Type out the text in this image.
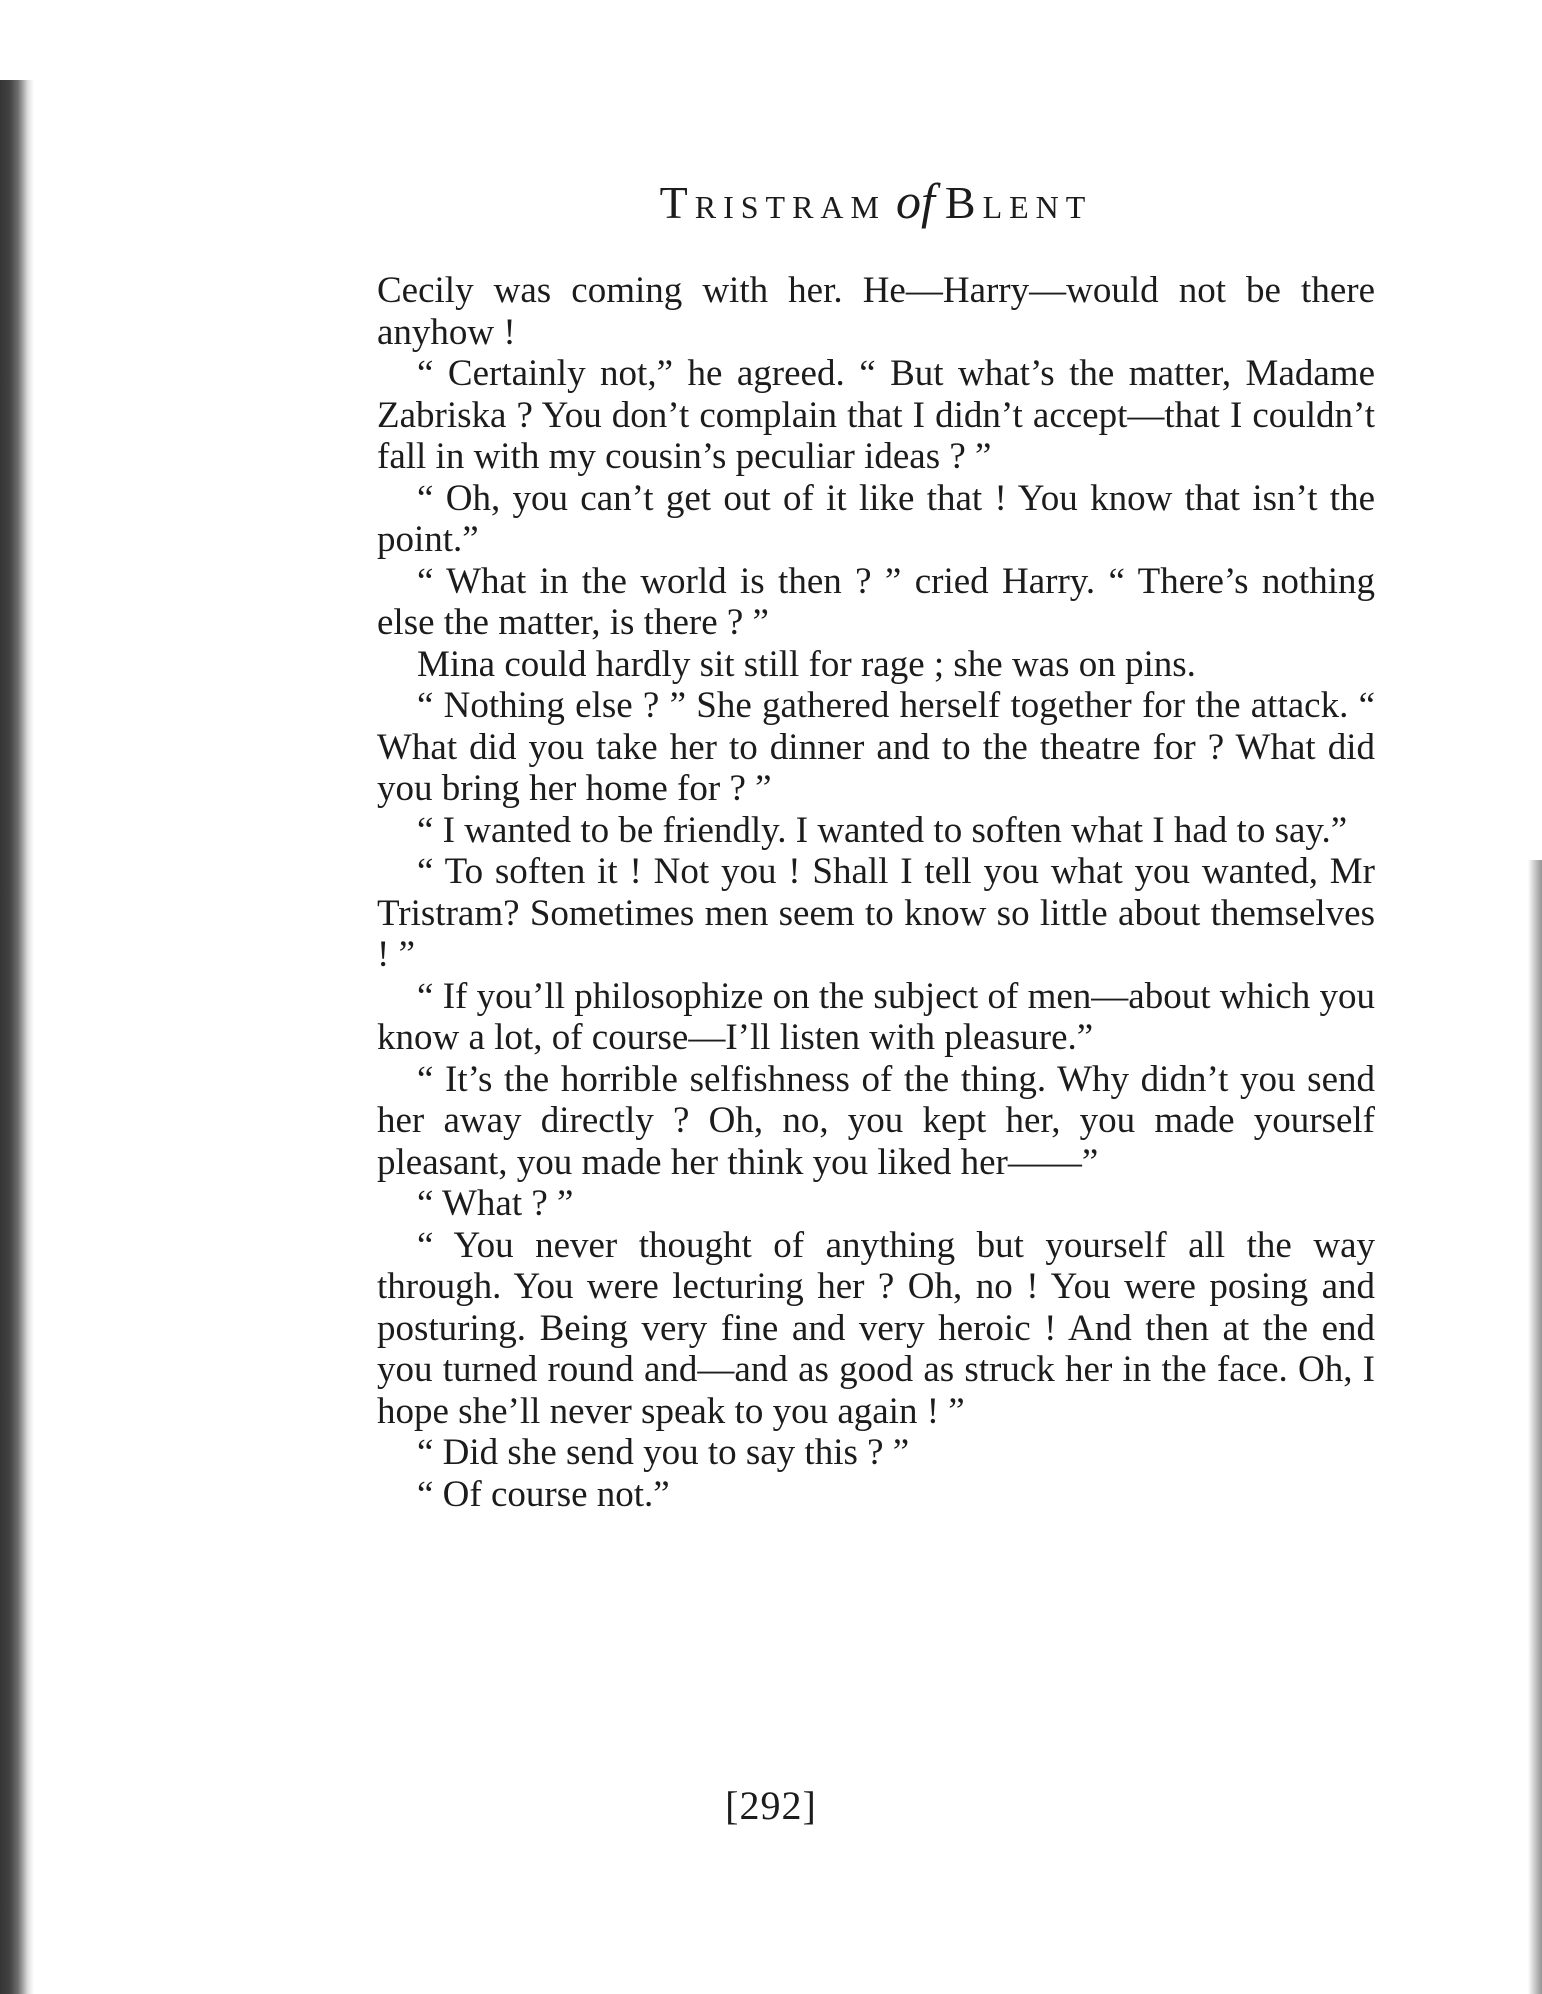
Tristram of Blent

Cecily was coming with her. He—Harry—would not be there anyhow !

“ Certainly not,” he agreed. “ But what’s the matter, Madame Zabriska ? You don’t complain that I didn’t accept—that I couldn’t fall in with my cousin’s peculiar ideas ? ”

“ Oh, you can’t get out of it like that ! You know that isn’t the point.”

“ What in the world is then ? ” cried Harry. “ There’s nothing else the matter, is there ? ”

Mina could hardly sit still for rage ; she was on pins.

“ Nothing else ? ” She gathered herself together for the attack. “ What did you take her to dinner and to the theatre for ? What did you bring her home for ? ”

“ I wanted to be friendly. I wanted to soften what I had to say.”

“ To soften it ! Not you ! Shall I tell you what you wanted, Mr Tristram? Sometimes men seem to know so little about themselves ! ”

“ If you’ll philosophize on the subject of men—about which you know a lot, of course—I’ll listen with pleasure.”

“ It’s the horrible selfishness of the thing. Why didn’t you send her away directly ? Oh, no, you kept her, you made yourself pleasant, you made her think you liked her——”

“ What ? ”

“ You never thought of anything but yourself all the way through. You were lecturing her ? Oh, no ! You were posing and posturing. Being very fine and very heroic ! And then at the end you turned round and—and as good as struck her in the face. Oh, I hope she’ll never speak to you again ! ”

“ Did she send you to say this ? ”

“ Of course not.”

[292]
